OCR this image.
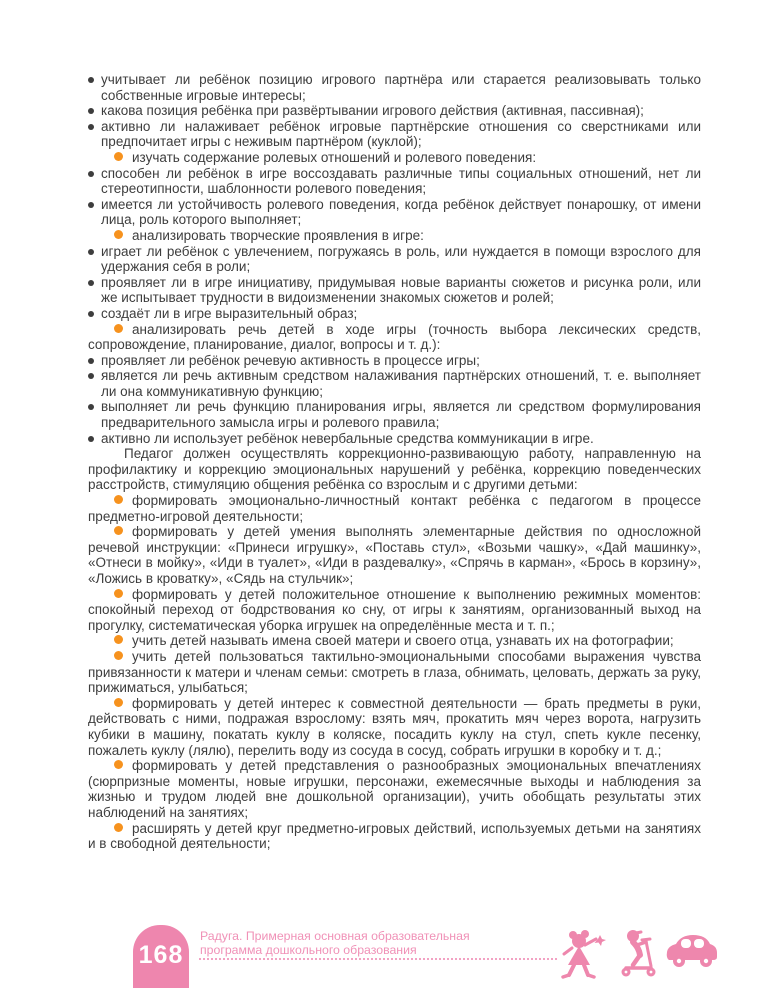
учитывает ли ребёнок позицию игрового партнёра или старается реализовывать только собственные игровые интересы;

какова позиция ребёнка при развёртывании игрового действия (активная, пассивная);

активно ли налаживает ребёнок игровые партнёрские отношения со сверстниками или предпочитает игры с неживым партнёром (куклой);

изучать содержание ролевых отношений и ролевого поведения:

способен ли ребёнок в игре воссоздавать различные типы социальных отношений, нет ли стереотипности, шаблонности ролевого поведения;

имеется ли устойчивость ролевого поведения, когда ребёнок действует понарошку, от имени лица, роль которого выполняет;

анализировать творческие проявления в игре:

играет ли ребёнок с увлечением, погружаясь в роль, или нуждается в помощи взрослого для удержания себя в роли;

проявляет ли в игре инициативу, придумывая новые варианты сюжетов и рисунка роли, или же испытывает трудности в видоизменении знакомых сюжетов и ролей;

создаёт ли в игре выразительный образ;

анализировать речь детей в ходе игры (точность выбора лексических средств, сопровождение, планирование, диалог, вопросы и т. д.):

проявляет ли ребёнок речевую активность в процессе игры;

является ли речь активным средством налаживания партнёрских отношений, т. е. выполняет ли она коммуникативную функцию;

выполняет ли речь функцию планирования игры, является ли средством формулирования предварительного замысла игры и ролевого правила;

активно ли использует ребёнок невербальные средства коммуникации в игре.

Педагог должен осуществлять коррекционно-развивающую работу, направленную на профилактику и коррекцию эмоциональных нарушений у ребёнка, коррекцию поведенческих расстройств, стимуляцию общения ребёнка со взрослым и с другими детьми:

формировать эмоционально-личностный контакт ребёнка с педагогом в процессе предметно-игровой деятельности;

формировать у детей умения выполнять элементарные действия по односложной речевой инструкции: «Принеси игрушку», «Поставь стул», «Возьми чашку», «Дай машинку», «Отнеси в мойку», «Иди в туалет», «Иди в раздевалку», «Спрячь в карман», «Брось в корзину», «Ложись в кроватку», «Сядь на стульчик»;

формировать у детей положительное отношение к выполнению режимных моментов: спокойный переход от бодрствования ко сну, от игры к занятиям, организованный выход на прогулку, систематическая уборка игрушек на определённые места и т. п.;

учить детей называть имена своей матери и своего отца, узнавать их на фотографии;

учить детей пользоваться тактильно-эмоциональными способами выражения чувства привязанности к матери и членам семьи: смотреть в глаза, обнимать, целовать, держать за руку, прижиматься, улыбаться;

формировать у детей интерес к совместной деятельности — брать предметы в руки, действовать с ними, подражая взрослому: взять мяч, прокатить мяч через ворота, нагрузить кубики в машину, покатать куклу в коляске, посадить куклу на стул, спеть кукле песенку, пожалеть куклу (лялю), перелить воду из сосуда в сосуд, собрать игрушки в коробку и т. д.;

формировать у детей представления о разнообразных эмоциональных впечатлениях (сюрпризные моменты, новые игрушки, персонажи, ежемесячные выходы и наблюдения за жизнью и трудом людей вне дошкольной организации), учить обобщать результаты этих наблюдений на занятиях;

расширять у детей круг предметно-игровых действий, используемых детьми на занятиях и в свободной деятельности;

168
Радуга. Примерная основная образовательная
программа дошкольного образования
